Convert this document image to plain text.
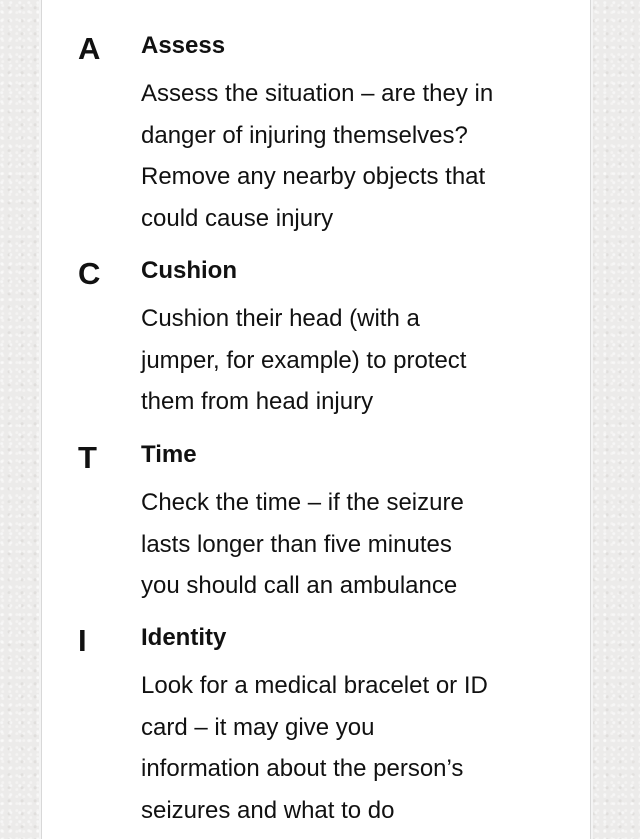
A	Assess
Assess the situation – are they in
danger of injuring themselves?
Remove any nearby objects that
could cause injury
C	Cushion
Cushion their head (with a
jumper, for example) to protect
them from head injury
T	Time
Check the time – if the seizure
lasts longer than five minutes
you should call an ambulance
I	Identity
Look for a medical bracelet or ID
card – it may give you
information about the person’s
seizures and what to do
